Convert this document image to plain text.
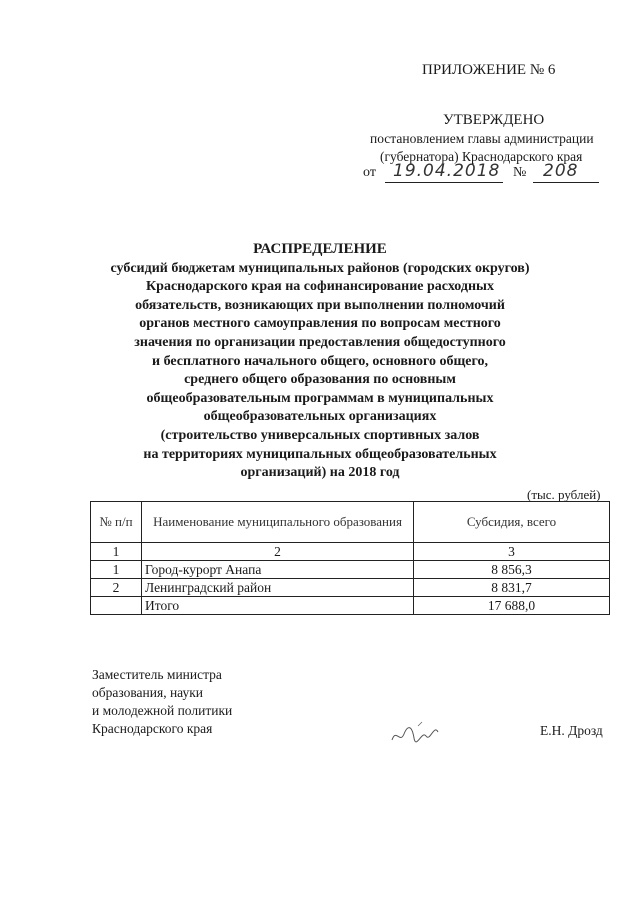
ПРИЛОЖЕНИЕ № 6
УТВЕРЖДЕНО
постановлением главы администрации
(губернатора) Краснодарского края
от 19.04.2018 № 208
РАСПРЕДЕЛЕНИЕ
субсидий бюджетам муниципальных районов (городских округов)
Краснодарского края на софинансирование расходных
обязательств, возникающих при выполнении полномочий
органов местного самоуправления по вопросам местного
значения по организации предоставления общедоступного
и бесплатного начального общего, основного общего,
среднего общего образования по основным
общеобразовательным программам в муниципальных
общеобразовательных организациях
(строительство универсальных спортивных залов
на территориях муниципальных общеобразовательных
организаций) на 2018 год
(тыс. рублей)
№ п/п	Наименование муниципального образования	Субсидия, всего
1	2	3
1	Город-курорт Анапа	8 856,3
2	Ленинградский район	8 831,7
	Итого	17 688,0
Заместитель министра
образования, науки
и молодежной политики
Краснодарского края	Е.Н. Дрозд
